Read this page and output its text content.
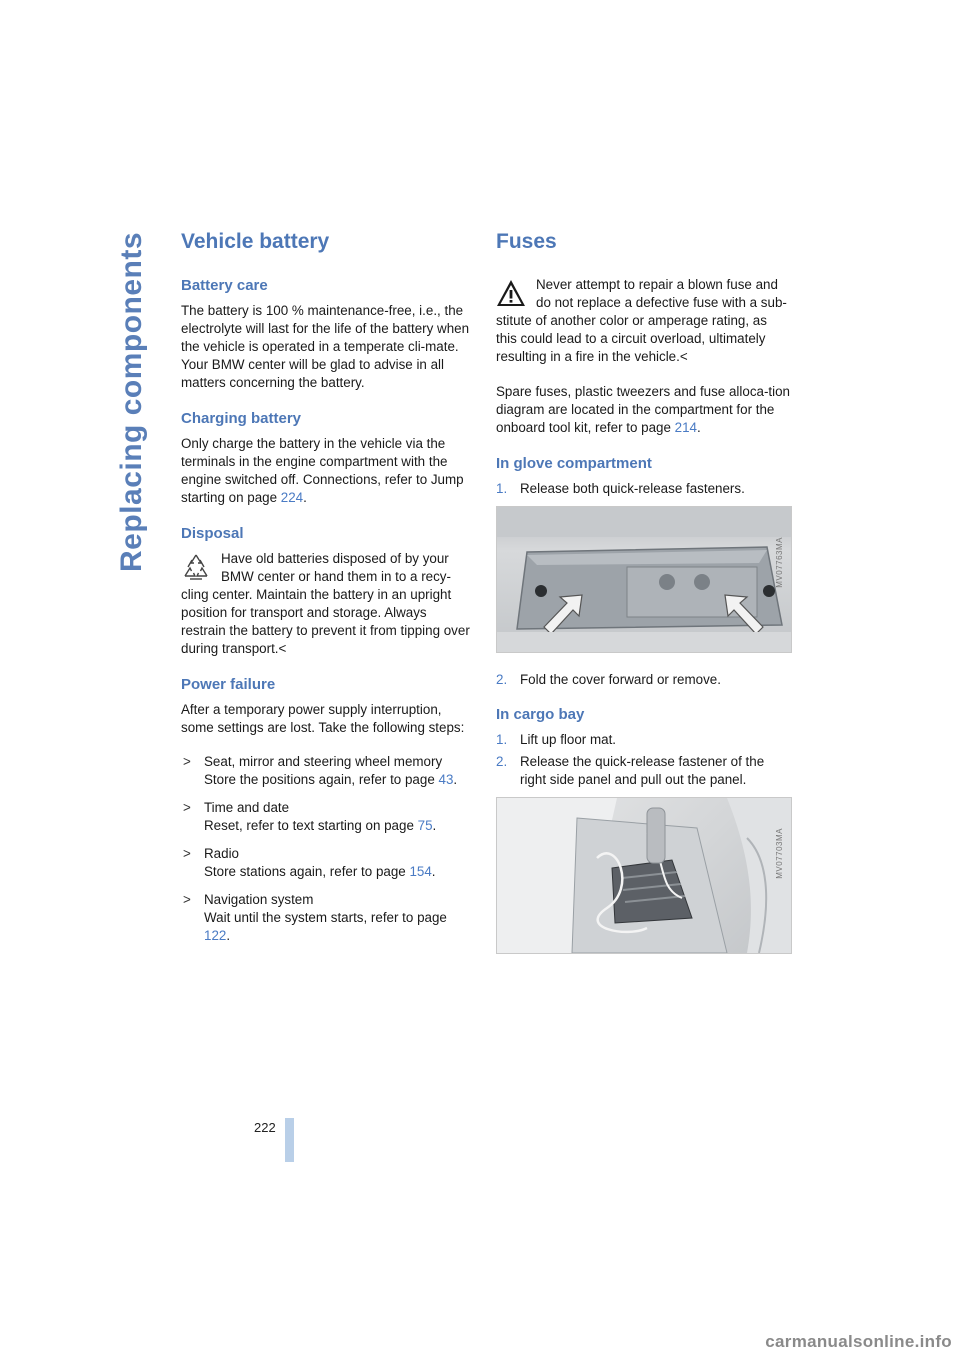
Replacing components
222
Vehicle battery
Battery care

The battery is 100 % maintenance-free, i.e., the electrolyte will last for the life of the battery when the vehicle is operated in a temperate cli-mate. Your BMW center will be glad to advise in all matters concerning the battery.

Charging battery

Only charge the battery in the vehicle via the terminals in the engine compartment with the engine switched off. Connections, refer to Jump starting on page 224.

Disposal

Have old batteries disposed of by your BMW center or hand them in to a recy-cling center. Maintain the battery in an upright position for transport and storage. Always restrain the battery to prevent it from tipping over during transport.<

Power failure

After a temporary power supply interruption, some settings are lost. Take the following steps:

> Seat, mirror and steering wheel memory
Store the positions again, refer to page 43.
> Time and date
Reset, refer to text starting on page 75.
> Radio
Store stations again, refer to page 154.
> Navigation system
Wait until the system starts, refer to page 122.
Fuses

Never attempt to repair a blown fuse and do not replace a defective fuse with a sub-stitute of another color or amperage rating, as this could lead to a circuit overload, ultimately resulting in a fire in the vehicle.<

Spare fuses, plastic tweezers and fuse alloca-tion diagram are located in the compartment for the onboard tool kit, refer to page 214.

In glove compartment
1. Release both quick-release fasteners.
MV07763MA
2. Fold the cover forward or remove.
In cargo bay
1. Lift up floor mat.
2. Release the quick-release fastener of the right side panel and pull out the panel.
MV07703MA
carmanualsonline.info
